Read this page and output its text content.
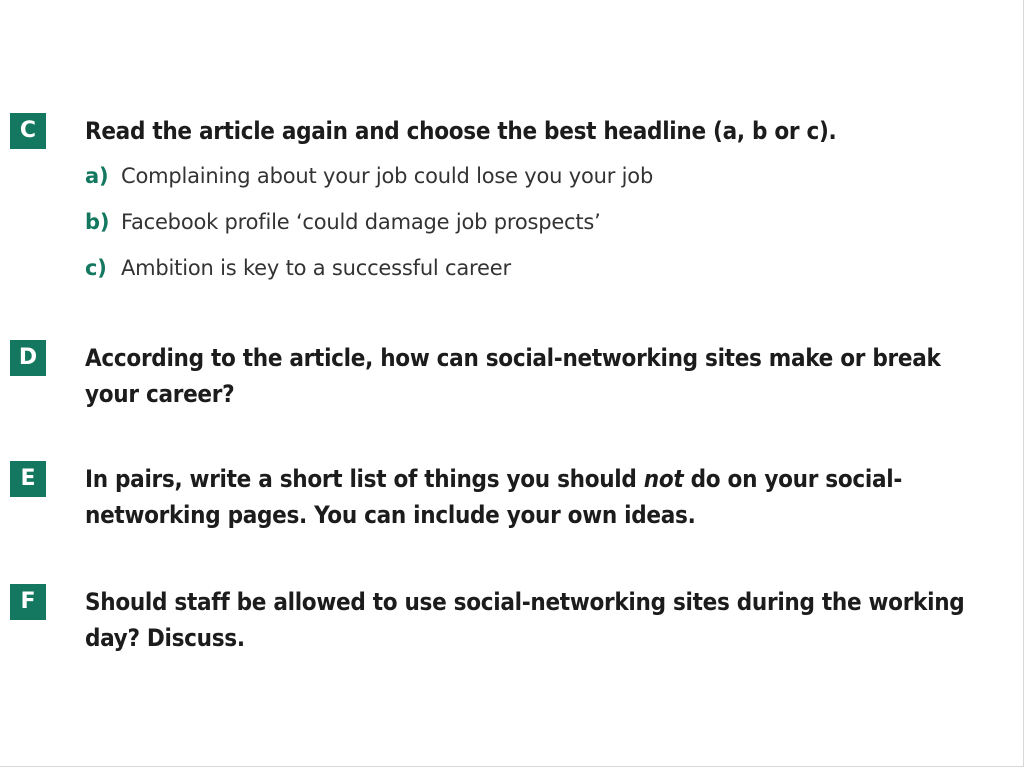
C	Read the article again and choose the best headline (a, b or c).
a) Complaining about your job could lose you your job
b) Facebook profile ‘could damage job prospects’
c) Ambition is key to a successful career
D	According to the article, how can social-networking sites make or break
your career?
E	In pairs, write a short list of things you should not do on your social-
networking pages. You can include your own ideas.
F	Should staff be allowed to use social-networking sites during the working
day? Discuss.
